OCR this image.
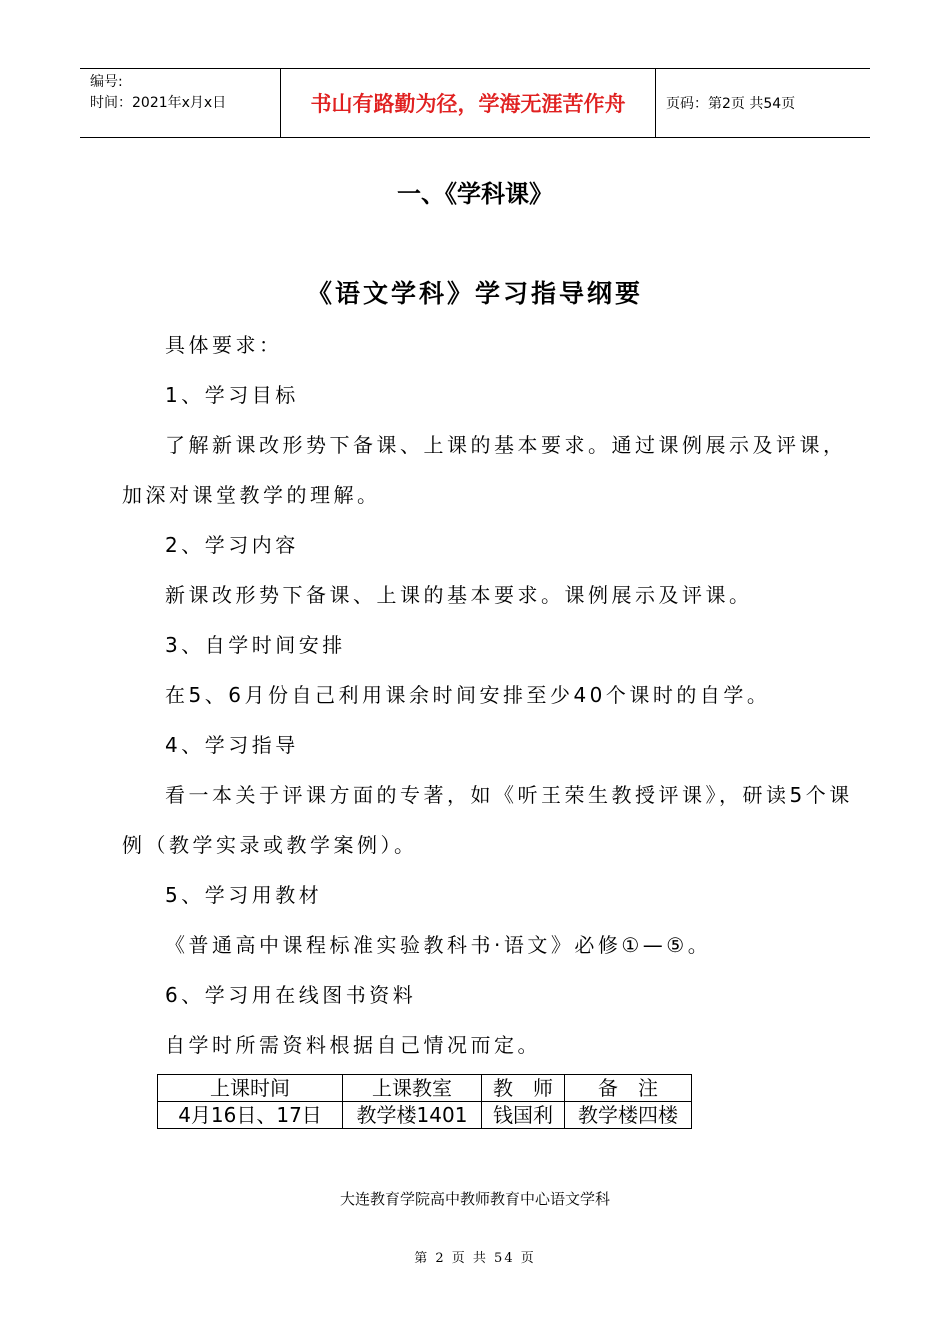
编号:
时间：2021年x月x日	书山有路勤为径，学海无涯苦作舟	页码：第2页 共54页
一、《学科课》
《语文学科》学习指导纲要
具体要求：
1、学习目标
了解新课改形势下备课、上课的基本要求。通过课例展示及评课，
加深对课堂教学的理解。
2、学习内容
新课改形势下备课、上课的基本要求。课例展示及评课。
3、自学时间安排
在5、6月份自己利用课余时间安排至少40个课时的自学。
4、学习指导
看一本关于评课方面的专著，如《听王荣生教授评课》，研读5个课
例（教学实录或教学案例）。
5、学习用教材
《普通高中课程标准实验教科书·语文》必修①—⑤。
6、学习用在线图书资料
自学时所需资料根据自己情况而定。
上课时间	上课教室	教　师	备　注
4月16日、17日	教学楼1401	钱国利	教学楼四楼
大连教育学院高中教师教育中心语文学科
第 2 页 共 54 页
